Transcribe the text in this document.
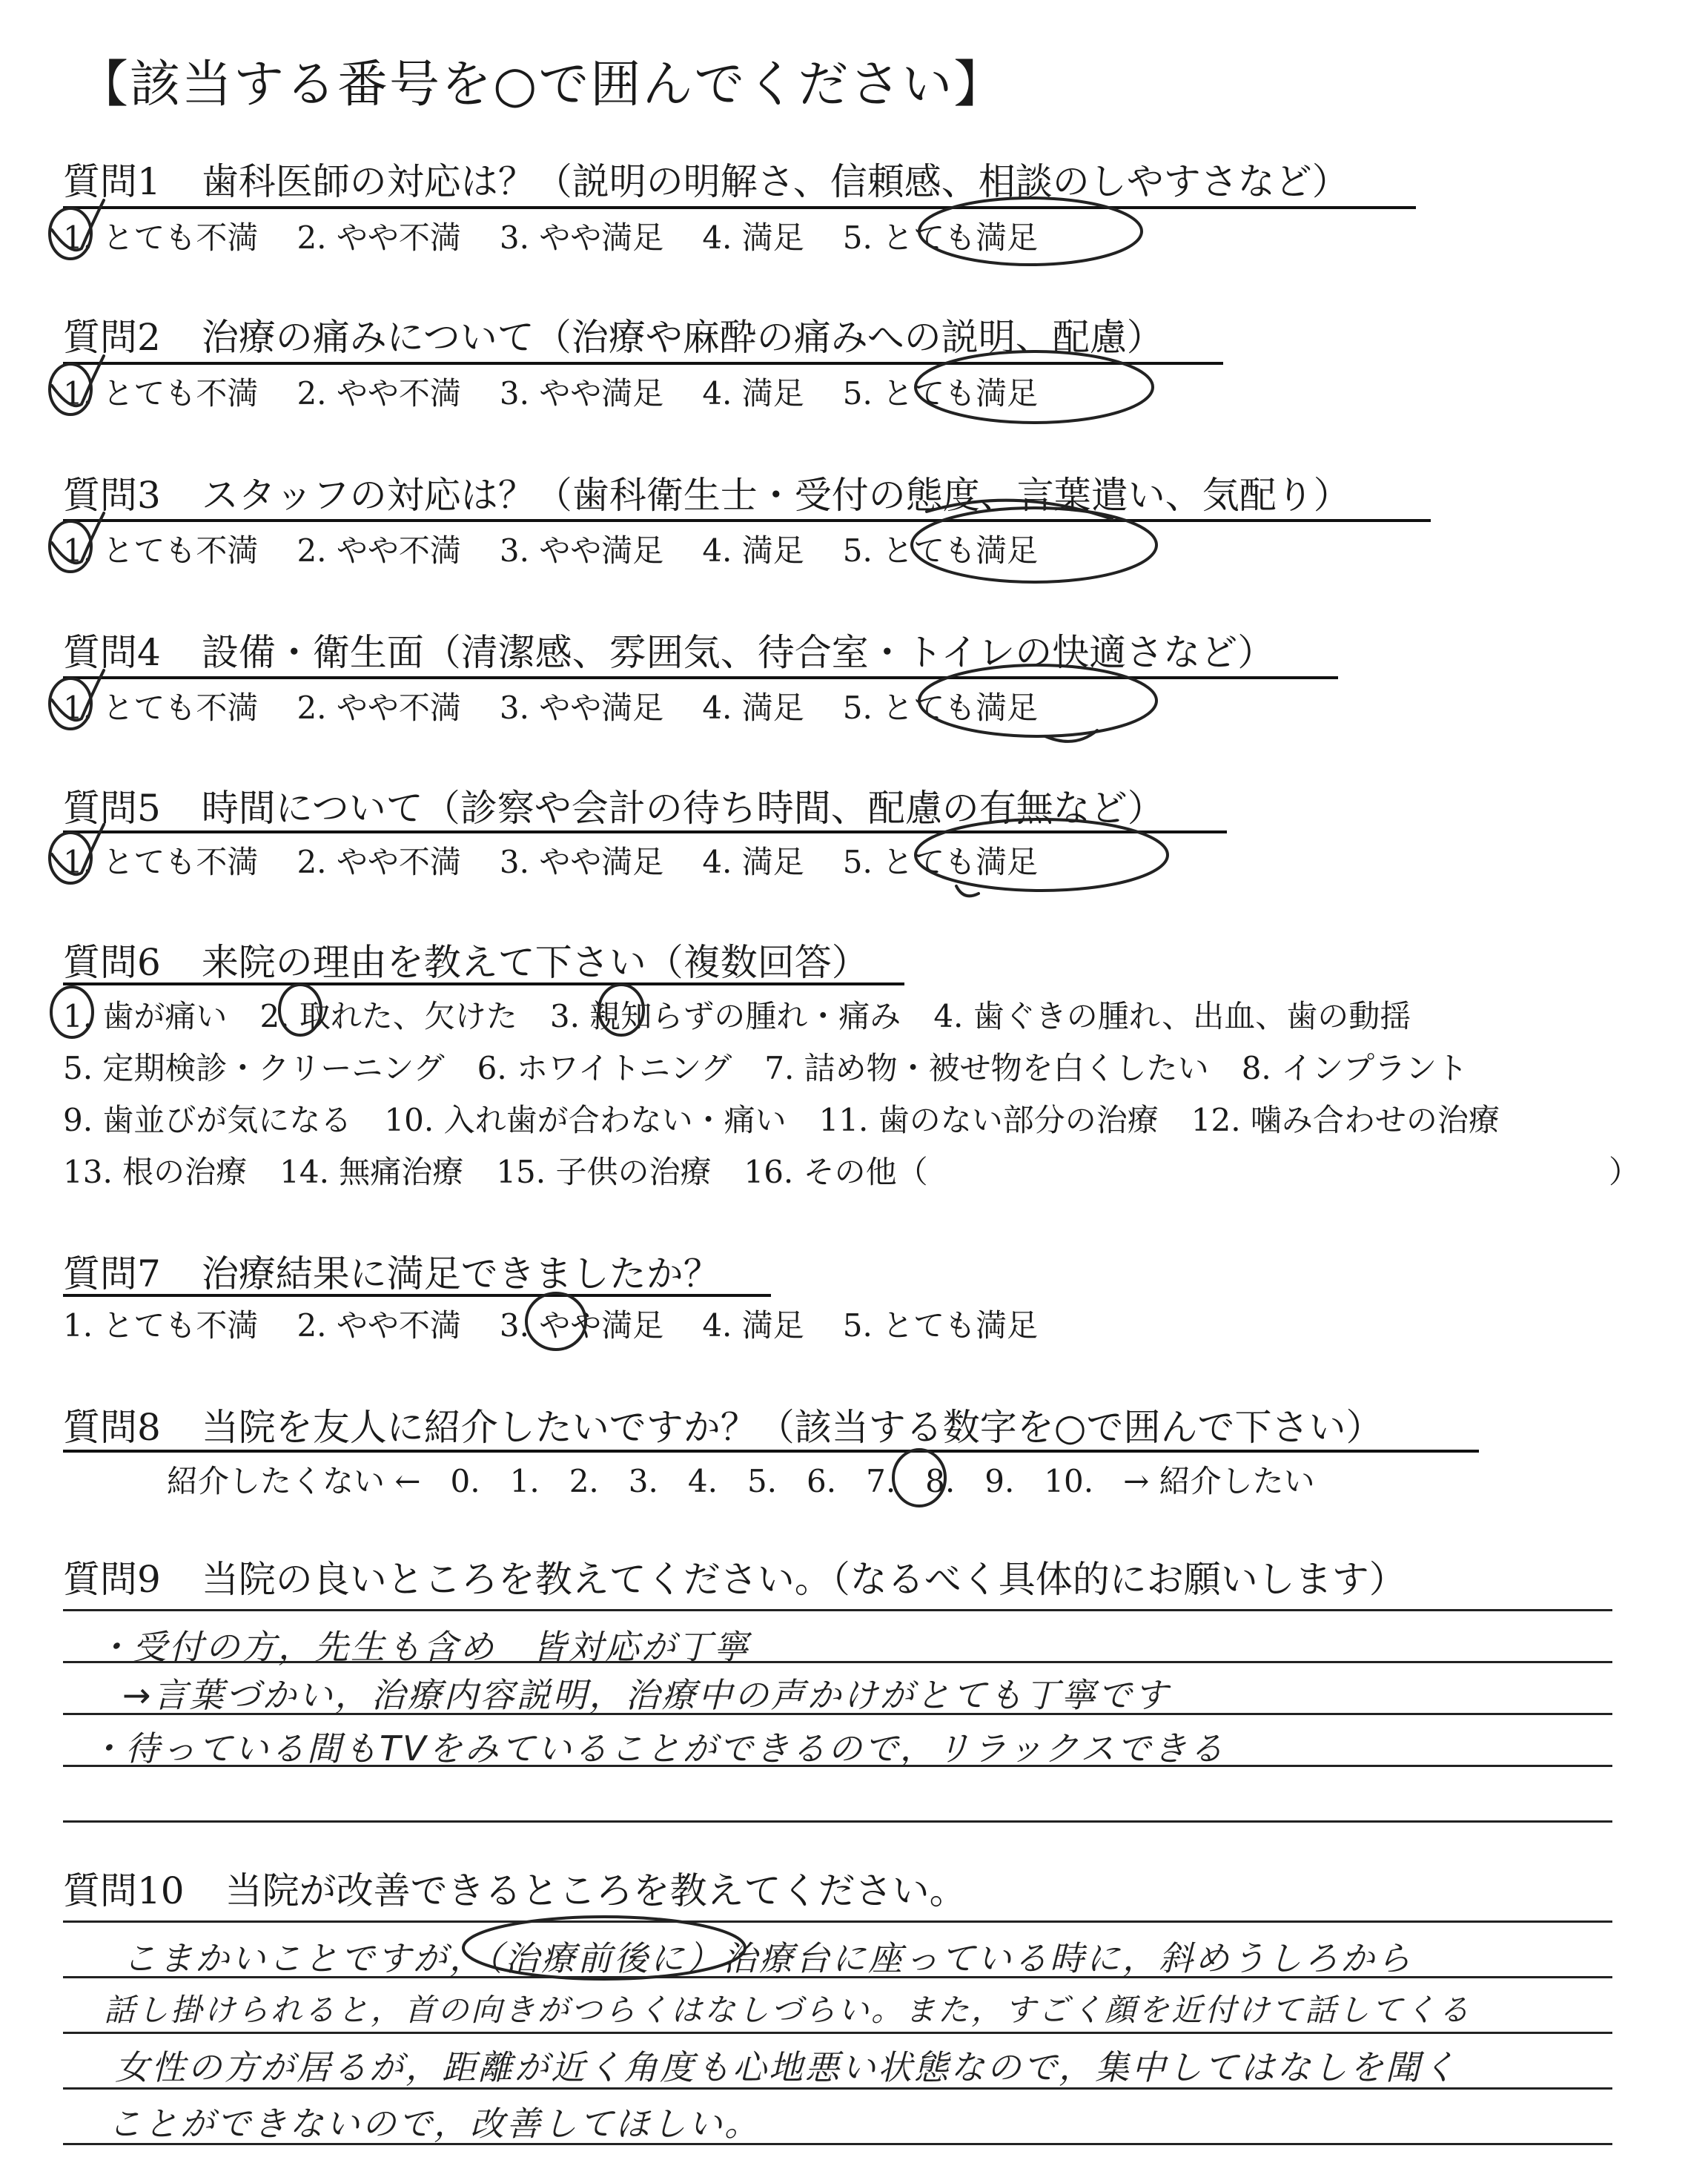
【該当する番号を○で囲んでください】
質問1 歯科医師の対応は？（説明の明解さ、信頼感、相談のしやすさなど）
1. とても不満 2. やや不満 3. やや満足 4. 満足 5. とても満足
質問2 治療の痛みについて（治療や麻酔の痛みへの説明、配慮）
1. とても不満 2. やや不満 3. やや満足 4. 満足 5. とても満足
質問3 スタッフの対応は？（歯科衛生士・受付の態度、言葉遣い、気配り）
1. とても不満 2. やや不満 3. やや満足 4. 満足 5. とても満足
質問4 設備・衛生面（清潔感、雰囲気、待合室・トイレの快適さなど）
1. とても不満 2. やや不満 3. やや満足 4. 満足 5. とても満足
質問5 時間について（診察や会計の待ち時間、配慮の有無など）
1. とても不満 2. やや不満 3. やや満足 4. 満足 5. とても満足
質問6 来院の理由を教えて下さい（複数回答）
1. 歯が痛い 2. 取れた、欠けた 3. 親知らずの腫れ・痛み 4. 歯ぐきの腫れ、出血、歯の動揺
5. 定期検診・クリーニング 6. ホワイトニング 7. 詰め物・被せ物を白くしたい 8. インプラント
9. 歯並びが気になる 10. 入れ歯が合わない・痛い 11. 歯のない部分の治療 12. 噛み合わせの治療
13. 根の治療 14. 無痛治療 15. 子供の治療 16. その他（	）
質問7 治療結果に満足できましたか？
1. とても不満 2. やや不満 3. やや満足 4. 満足 5. とても満足
質問8 当院を友人に紹介したいですか？（該当する数字を○で囲んで下さい）
紹介したくない ← 0. 1. 2. 3. 4. 5. 6. 7. 8. 9. 10. → 紹介したい
質問9 当院の良いところを教えてください。（なるべく具体的にお願いします）
・受付の方，先生も含め　皆対応が丁寧
→言葉づかい，治療内容説明，治療中の声かけがとても丁寧です
・待っている間もTVをみていることができるので，リラックスできる
質問10 当院が改善できるところを教えてください。
こまかいことですが，（治療前後に）治療台に座っている時に，斜めうしろから
話し掛けられると，首の向きがつらくはなしづらい。また，すごく顔を近付けて話してくる
女性の方が居るが，距離が近く角度も心地悪い状態なので，集中してはなしを聞く
ことができないので，改善してほしい。
